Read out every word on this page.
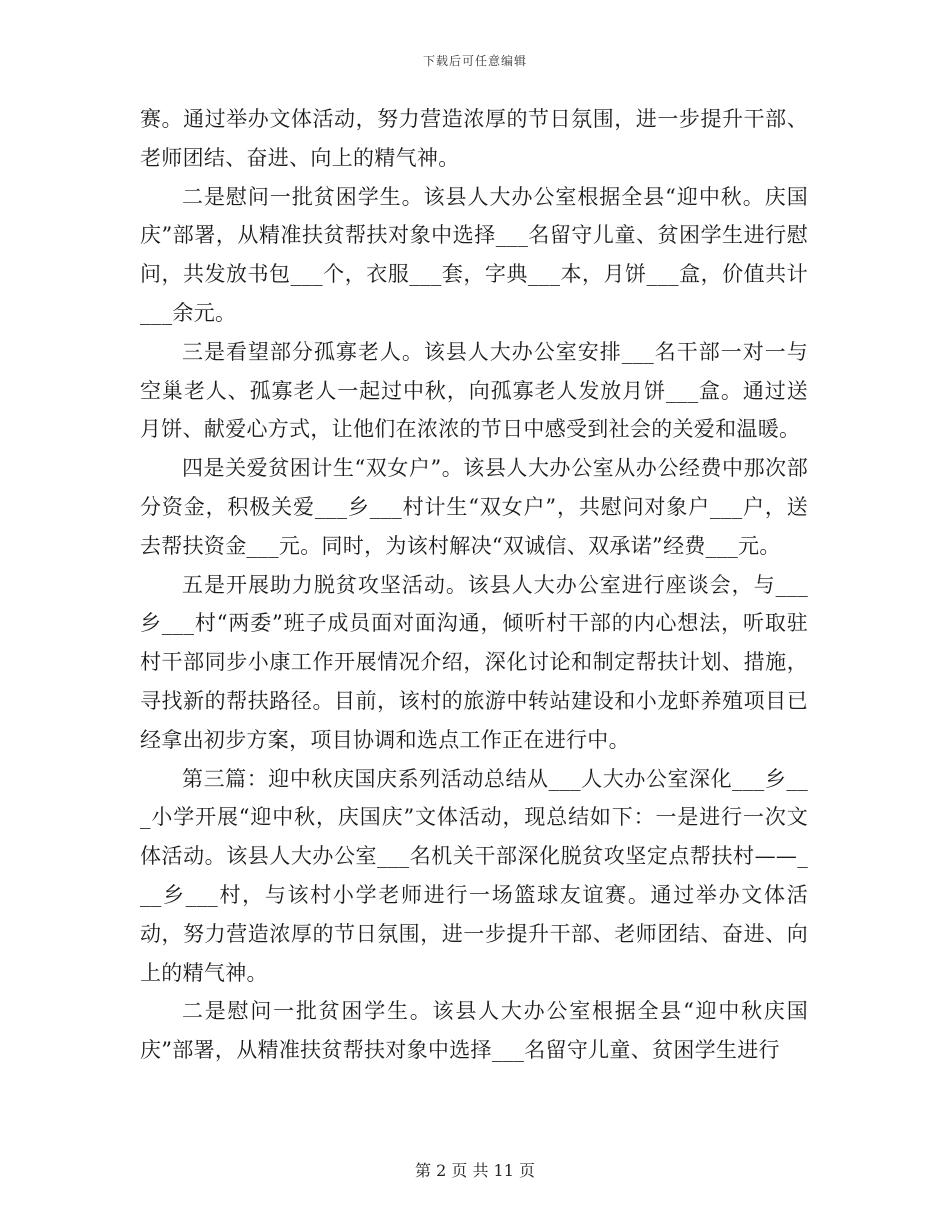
下载后可任意编辑

赛。通过举办文体活动，努力营造浓厚的节日氛围，进一步提升干部、老师团结、奋进、向上的精气神。

二是慰问一批贫困学生。该县人大办公室根据全县“迎中秋。庆国庆”部署，从精准扶贫帮扶对象中选择___名留守儿童、贫困学生进行慰问，共发放书包___个，衣服___套，字典___本，月饼___盒，价值共计___余元。

三是看望部分孤寡老人。该县人大办公室安排___名干部一对一与空巢老人、孤寡老人一起过中秋，向孤寡老人发放月饼___盒。通过送月饼、献爱心方式，让他们在浓浓的节日中感受到社会的关爱和温暖。

四是关爱贫困计生“双女户”。该县人大办公室从办公经费中那次部分资金，积极关爱___乡___村计生“双女户”，共慰问对象户___户，送去帮扶资金___元。同时，为该村解决“双诚信、双承诺”经费___元。

五是开展助力脱贫攻坚活动。该县人大办公室进行座谈会，与___乡___村“两委”班子成员面对面沟通，倾听村干部的内心想法，听取驻村干部同步小康工作开展情况介绍，深化讨论和制定帮扶计划、措施，寻找新的帮扶路径。目前，该村的旅游中转站建设和小龙虾养殖项目已经拿出初步方案，项目协调和选点工作正在进行中。

第三篇：迎中秋庆国庆系列活动总结从___人大办公室深化___乡___小学开展“迎中秋，庆国庆”文体活动，现总结如下：一是进行一次文体活动。该县人大办公室___名机关干部深化脱贫攻坚定点帮扶村——___乡___村，与该村小学老师进行一场篮球友谊赛。通过举办文体活动，努力营造浓厚的节日氛围，进一步提升干部、老师团结、奋进、向上的精气神。

二是慰问一批贫困学生。该县人大办公室根据全县“迎中秋庆国庆”部署，从精准扶贫帮扶对象中选择___名留守儿童、贫困学生进行

第 2 页 共 11 页
